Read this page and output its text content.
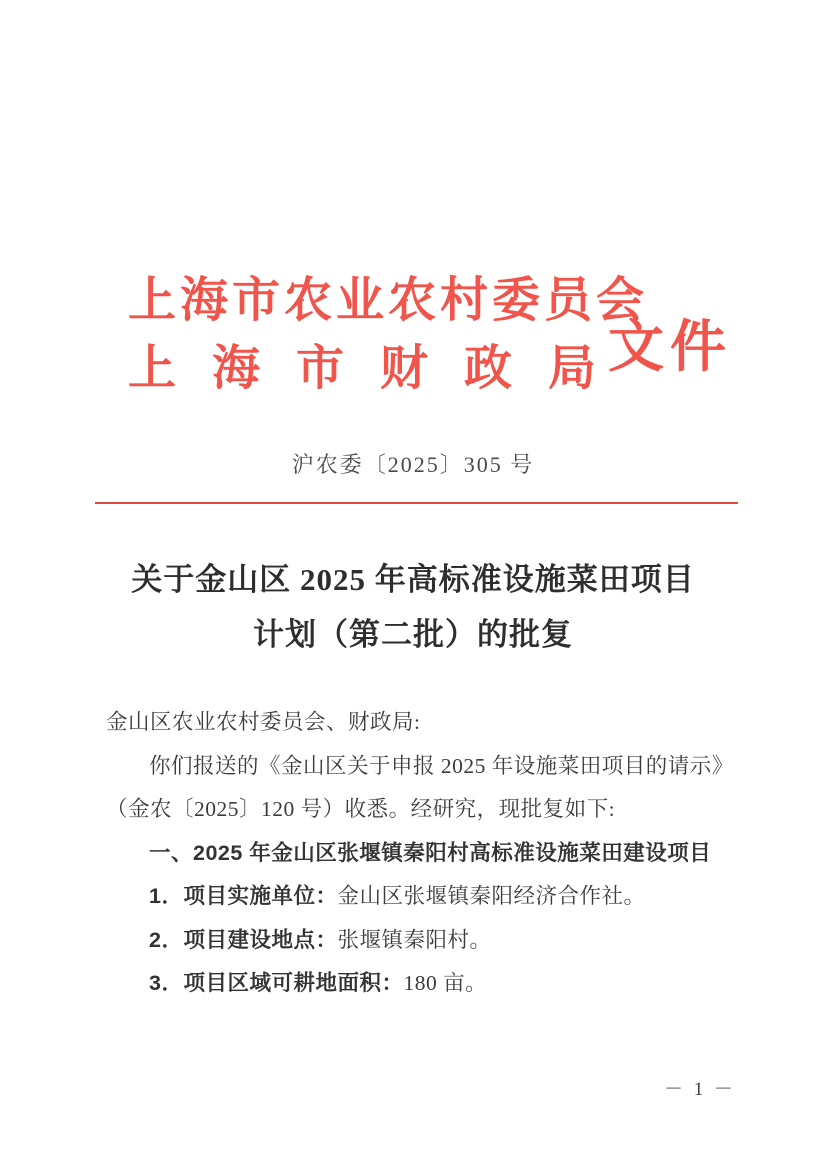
上海市农业农村委员会
上海市财政局
文件
沪农委〔2025〕305 号
关于金山区 2025 年高标准设施菜田项目
计划（第二批）的批复

金山区农业农村委员会、财政局:

你们报送的《金山区关于申报 2025 年设施菜田项目的请示》

（金农〔2025〕120 号）收悉。经研究，现批复如下:

一、2025 年金山区张堰镇秦阳村高标准设施菜田建设项目

1．项目实施单位：金山区张堰镇秦阳经济合作社。

2．项目建设地点：张堰镇秦阳村。

3．项目区域可耕地面积：180 亩。

－ 1 －
